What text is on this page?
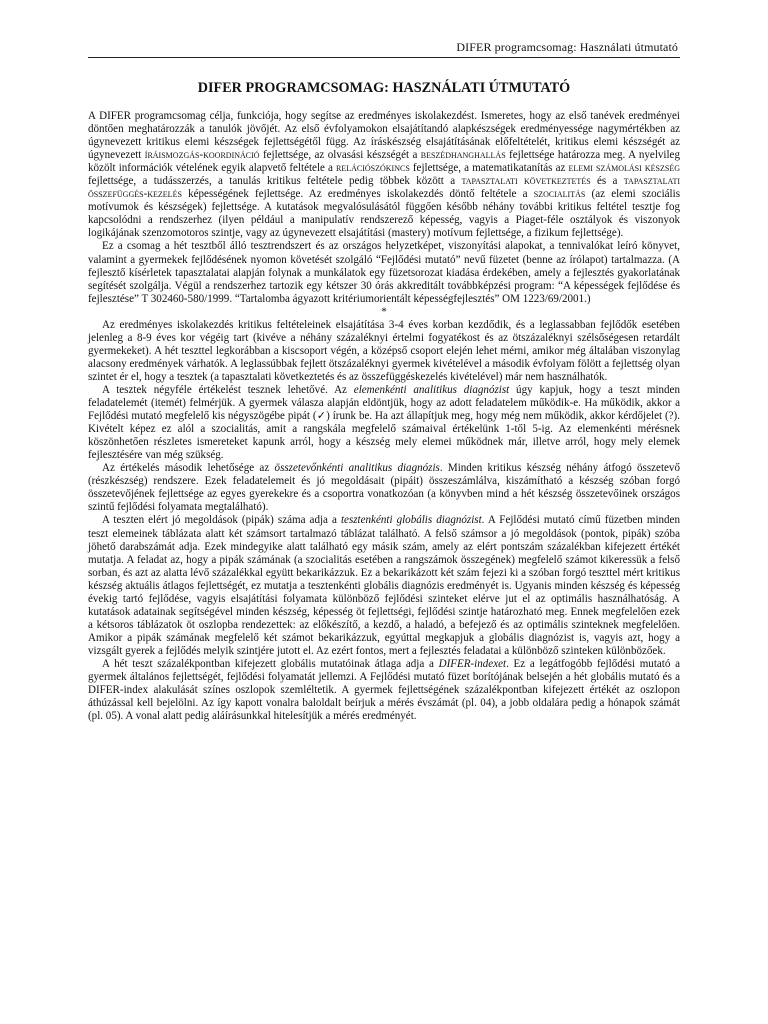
DIFER programcsomag: Használati útmutató
DIFER PROGRAMCSOMAG: HASZNÁLATI ÚTMUTATÓ

A DIFER programcsomag célja, funkciója, hogy segítse az eredményes iskolakezdést. Ismeretes, hogy az első tanévek eredményei döntően meghatározzák a tanulók jövőjét. Az első évfolyamokon elsajátítandó alapkészségek eredményessége nagymértékben az úgynevezett kritikus elemi készségek fejlettségétől függ. Az íráskészség elsajátításának előfeltételét, kritikus elemi készségét az úgynevezett íráismozgás-koordináció fejlettsége, az olvasási készségét a beszédhanghallás fejlettsége határozza meg. A nyelvileg közölt információk vételének egyik alapvető feltétele a relációszókincs fejlettsége, a matematikatanítás az elemi számolási készség fejlettsége, a tudásszerzés, a tanulás kritikus feltétele pedig többek között a tapasztalati következtetés és a tapasztalati összefüggés-kezelés képességének fejlettsége. Az eredményes iskolakezdés döntő feltétele a szocialitás (az elemi szociális motívumok és készségek) fejlettsége. A kutatások megvalósulásától függően később néhány további kritikus feltétel tesztje fog kapcsolódni a rendszerhez (ilyen például a manipulatív rendszerező képesség, vagyis a Piaget-féle osztályok és viszonyok logikájának szenzomotoros szintje, vagy az úgynevezett elsajátítási (mastery) motívum fejlettsége, a fizikum fejlettsége).

Ez a csomag a hét tesztből álló tesztrendszert és az országos helyzetképet, viszonyítási alapokat, a tennivalókat leíró könyvet, valamint a gyermekek fejlődésének nyomon követését szolgáló “Fejlődési mutató” nevű füzetet (benne az írólapot) tartalmazza. (A fejlesztő kísérletek tapasztalatai alapján folynak a munkálatok egy füzetsorozat kiadása érdekében, amely a fejlesztés gyakorlatának segítését szolgálja. Végül a rendszerhez tartozik egy kétszer 30 órás akkreditált továbbképzési program: “A képességek fejlődése és fejlesztése” T 302460-580/1999. “Tartalomba ágyazott kritériumorientált képességfejlesztés” OM 1223/69/2001.)

*

Az eredményes iskolakezdés kritikus feltételeinek elsajátítása 3-4 éves korban kezdődik, és a leglassabban fejlődők esetében jelenleg a 8-9 éves kor végéig tart (kivéve a néhány százaléknyi értelmi fogyatékost és az ötszázaléknyi szélsőségesen retardált gyermekeket). A hét teszttel legkorábban a kiscsoport végén, a középső csoport elején lehet mérni, amikor még általában viszonylag alacsony eredmények várhatók. A leglassúbbak fejlett ötszázaléknyi gyermek kivételével a második évfolyam fölött a fejlettség olyan szintet ér el, hogy a tesztek (a tapasztalati következtetés és az összefüggéskezelés kivételével) már nem használhatók.

A tesztek négyféle értékelést tesznek lehetővé. Az elemenkénti analitikus diagnózist úgy kapjuk, hogy a teszt minden feladatelemét (itemét) felmérjük. A gyermek válasza alapján eldöntjük, hogy az adott feladatelem működik-e. Ha működik, akkor a Fejlődési mutató megfelelő kis négyszögébe pipát (✓) írunk be. Ha azt állapítjuk meg, hogy még nem működik, akkor kérdőjelet (?). Kivételt képez ez alól a szocialitás, amit a rangskála megfelelő számaival értékelünk 1-től 5-ig. Az elemenkénti mérésnek köszönhetően részletes ismereteket kapunk arról, hogy a készség mely elemei működnek már, illetve arról, hogy mely elemek fejlesztésére van még szükség.

Az értékelés második lehetősége az összetevőnkénti analitikus diagnózis. Minden kritikus készség néhány átfogó összetevő (részkészség) rendszere. Ezek feladatelemeit és jó megoldásait (pipáit) összeszámlálva, kiszámítható a készség szóban forgó összetevőjének fejlettsége az egyes gyerekekre és a csoportra vonatkozóan (a könyvben mind a hét készség összetevőinek országos szintű fejlődési folyamata megtalálható).

A teszten elért jó megoldások (pipák) száma adja a tesztenkénti globális diagnózist. A Fejlődési mutató című füzetben minden teszt elemeinek táblázata alatt két számsort tartalmazó táblázat található. A felső számsor a jó megoldások (pontok, pipák) szóba jöhető darabszámát adja. Ezek mindegyike alatt található egy másik szám, amely az elért pontszám százalékban kifejezett értékét mutatja. A feladat az, hogy a pipák számának (a szocialitás esetében a rangszámok összegének) megfelelő számot kikeressük a felső sorban, és azt az alatta lévő százalékkal együtt bekarikázzuk. Ez a bekarikázott két szám fejezi ki a szóban forgó teszttel mért kritikus készség aktuális átlagos fejlettségét, ez mutatja a tesztenkénti globális diagnózis eredményét is. Ugyanis minden készség és képesség évekig tartó fejlődése, vagyis elsajátítási folyamata különböző fejlődési szinteket elérve jut el az optimális használhatóság. A kutatások adatainak segítségével minden készség, képesség öt fejlettségi, fejlődési szintje határozható meg. Ennek megfelelően ezek a kétsoros táblázatok öt oszlopba rendezettek: az előkészítő, a kezdő, a haladó, a befejező és az optimális szinteknek megfelelően. Amikor a pipák számának megfelelő két számot bekarikázzuk, egyúttal megkapjuk a globális diagnózist is, vagyis azt, hogy a vizsgált gyerek a fejlődés melyik szintjére jutott el. Az ezért fontos, mert a fejlesztés feladatai a különböző szinteken különbözőek.

A hét teszt százalékpontban kifejezett globális mutatóinak átlaga adja a DIFER-indexet. Ez a legátfogóbb fejlődési mutató a gyermek általános fejlettségét, fejlődési folyamatát jellemzi. A Fejlődési mutató füzet borítójának belsején a hét globális mutató és a DIFER-index alakulását színes oszlopok szemléltetik. A gyermek fejlettségének százalékpontban kifejezett értékét az oszlopon áthúzással kell bejelölni. Az így kapott vonalra baloldalt beírjuk a mérés évszámát (pl. 04), a jobb oldalára pedig a hónapok számát (pl. 05). A vonal alatt pedig aláírásunkkal hitelesítjük a mérés eredményét.
